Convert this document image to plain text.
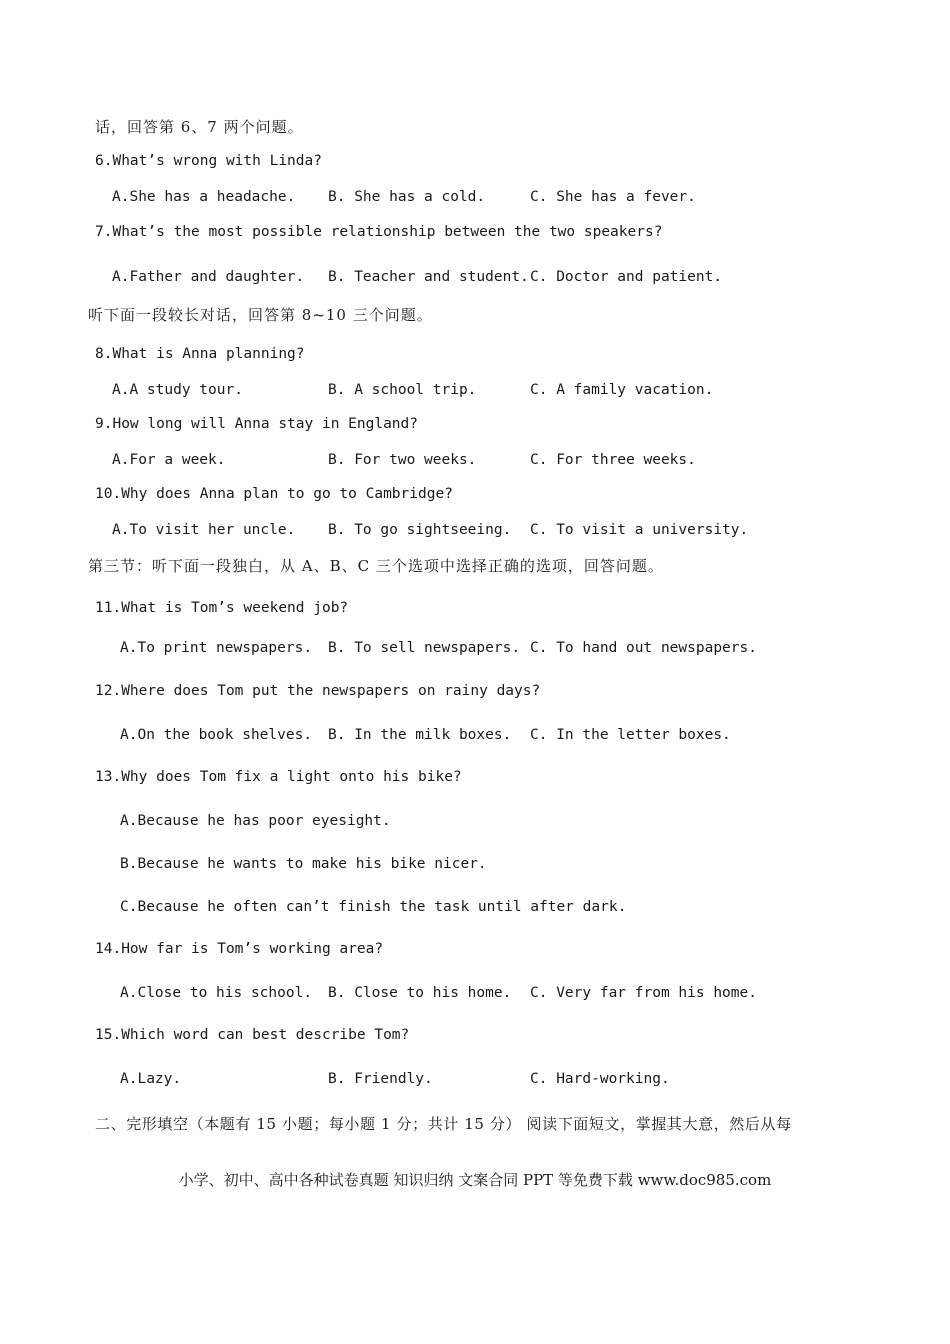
话，回答第 6、7 两个问题。
6.What’s wrong with Linda?
A.She has a headache. B. She has a cold.	C. She has a fever.
7.What’s the most possible relationship between the two speakers?
A.Father and daughter. B. Teacher and student. C. Doctor and patient.
听下面一段较长对话，回答第 8~10 三个问题。
8.What is Anna planning?
A.A study tour.	B. A school trip.	C. A family vacation.
9.How long will Anna stay in England?
A.For a week.	B. For two weeks.	C. For three weeks.
10.Why does Anna plan to go to Cambridge?
A.To visit her uncle. B. To go sightseeing. C. To visit a university.
第三节：听下面一段独白，从 A、B、C 三个选项中选择正确的选项，回答问题。
11.What is Tom’s weekend job?
A.To print newspapers. B. To sell newspapers. C. To hand out newspapers.
12.Where does Tom put the newspapers on rainy days?
A.On the book shelves. B. In the milk boxes. C. In the letter boxes.
13.Why does Tom fix a light onto his bike?
A.Because he has poor eyesight.
B.Because he wants to make his bike nicer.
C.Because he often can’t finish the task until after dark.
14.How far is Tom’s working area?
A.Close to his school. B. Close to his home. C. Very far from his home.
15.Which word can best describe Tom?
A.Lazy.	B. Friendly.	C. Hard-working.
二、完形填空（本题有 15 小题；每小题 1 分；共计 15 分） 阅读下面短文，掌握其大意，然后从每
小学、初中、高中各种试卷真题 知识归纳 文案合同 PPT 等免费下载 www.doc985.com
